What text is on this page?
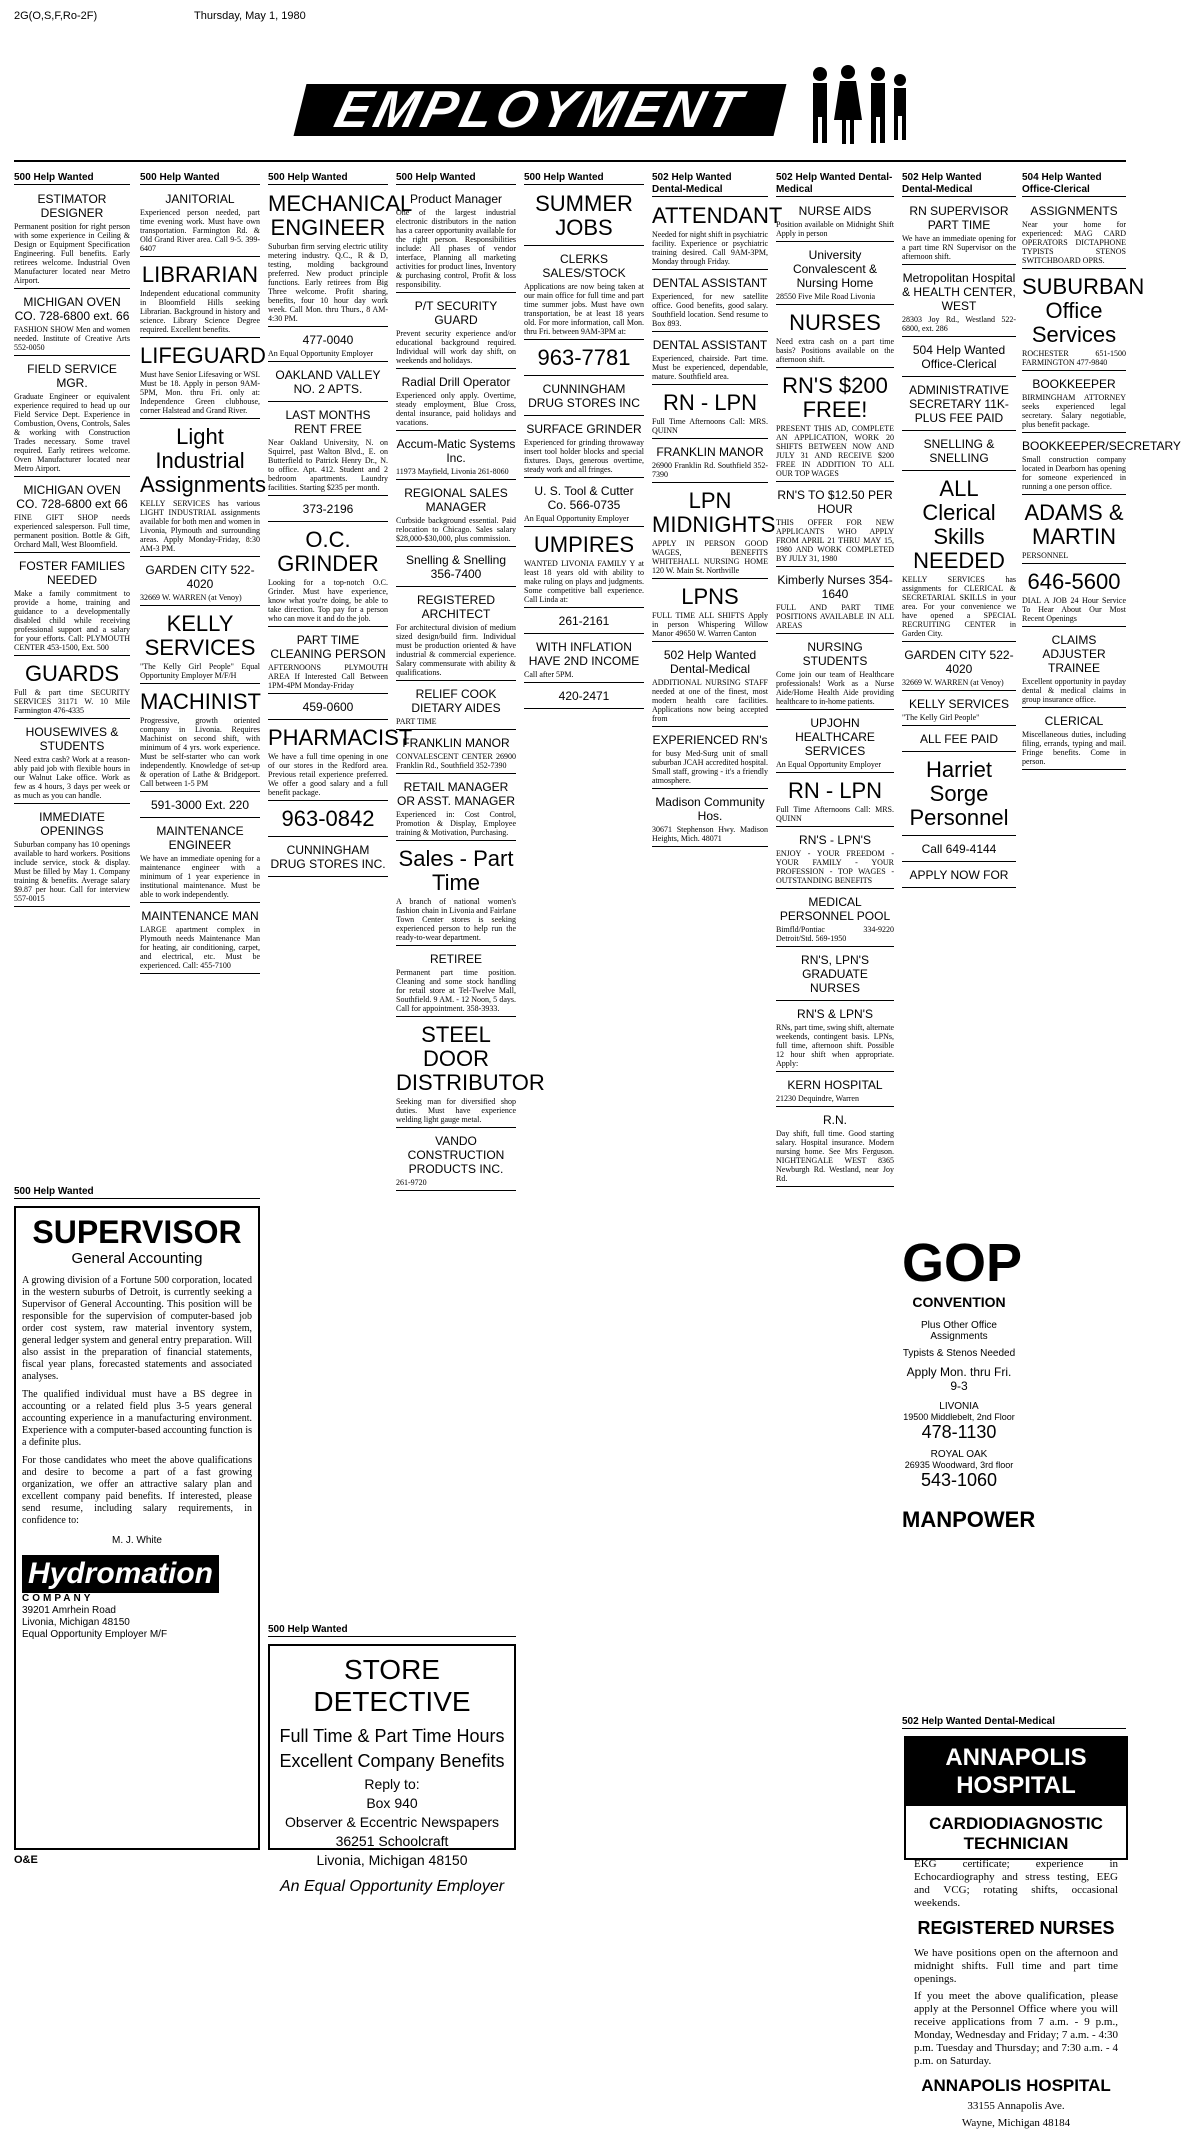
2G(O,S,F,Ro-2F)	Thursday, May 1, 1980
EMPLOYMENT
500 Help Wanted
ESTIMATOR DESIGNER
Permanent position for right person with some experience in Ceiling & Design or Equipment Specification Engineering. Full benefits. Early retirees welcome. Industrial Oven Manufacturer located near Metro Airport.
MICHIGAN OVEN CO. 728-6800 ext. 66
FASHION SHOW Men and women needed. Institute of Creative Arts 552-0050
FIELD SERVICE MGR.
Graduate Engineer or equivalent experience required to head up our Field Service Dept. Experience in Combustion, Ovens, Controls, Sales & working with Construction Trades necessary. Some travel required. Early retirees welcome. Oven Manufacturer located near Metro Airport.
MICHIGAN OVEN CO. 728-6800 ext 66
FINE GIFT SHOP needs experienced salesperson. Full time, permanent position. Bottle & Gift, Orchard Mall, West Bloomfield.
FOSTER FAMILIES NEEDED
Make a family commitment to provide a home, training and guidance to a developmentally disabled child while receiving professional support and a salary for your efforts. Call: PLYMOUTH CENTER 453-1500, Ext. 500
GUARDS
Full & part time SECURITY SERVICES 31171 W. 10 Mile Farmington 476-4335
HOUSEWIVES & STUDENTS
Need extra cash? Work at a reason-ably paid job with flexible hours in our Walnut Lake office. Work as few as 4 hours, 3 days per week or as much as you can handle.
IMMEDIATE OPENINGS
Suburban company has 10 openings available to hard workers. Positions include service, stock & display. Must be filled by May 1. Company training & benefits. Average salary $9.87 per hour. Call for interview 557-0015
500 Help Wanted
JANITORIAL
Experienced person needed, part time evening work. Must have own transportation. Farmington Rd. & Old Grand River area. Call 9-5. 399-6407
LIBRARIAN
Independent educational community in Bloomfield Hills seeking Librarian. Background in history and science. Library Science Degree required. Excellent benefits.
LIFEGUARD
Must have Senior Lifesaving or WSI. Must be 18. Apply in person 9AM-5PM, Mon. thru Fri. only at: Independence Green clubhouse, corner Halstead and Grand River.
Light Industrial Assignments
KELLY SERVICES has various LIGHT INDUSTRIAL assignments available for both men and women in Livonia, Plymouth and surrounding areas. Apply Monday-Friday, 8:30 AM-3 PM.
GARDEN CITY 522-4020
32669 W. WARREN (at Venoy)
KELLY SERVICES
"The Kelly Girl People" Equal Opportunity Employer M/F/H
MACHINIST
Progressive, growth oriented company in Livonia. Requires Machinist on second shift, with minimum of 4 yrs. work experience. Must be self-starter who can work independently. Knowledge of set-up & operation of Lathe & Bridgeport. Call between 1-5 PM
591-3000 Ext. 220
MAINTENANCE ENGINEER
We have an immediate opening for a maintenance engineer with a minimum of 1 year experience in institutional maintenance. Must be able to work independently.
MAINTENANCE MAN
LARGE apartment complex in Plymouth needs Maintenance Man for heating, air conditioning, carpet, and electrical, etc. Must be experienced. Call: 455-7100
500 Help Wanted
MECHANICAL ENGINEER
Suburban firm serving electric utility metering industry. Q.C., R & D, testing, molding background preferred. New product principle functions. Early retirees from Big Three welcome. Profit sharing, benefits, four 10 hour day work week. Call Mon. thru Thurs., 8 AM-4:30 PM.
477-0040
An Equal Opportunity Employer
OAKLAND VALLEY NO. 2 APTS.
LAST MONTHS RENT FREE
Near Oakland University, N. on Squirrel, past Walton Blvd., E. on Butterfield to Patrick Henry Dr., N. to office. Apt. 412. Student and 2 bedroom apartments. Laundry facilities. Starting $235 per month.
373-2196
O.C. GRINDER
Looking for a top-notch O.C. Grinder. Must have experience, know what you're doing, be able to take direction. Top pay for a person who can move it and do the job.
PART TIME CLEANING PERSON
AFTERNOONS PLYMOUTH AREA If Interested Call Between 1PM-4PM Monday-Friday
459-0600
PHARMACIST
We have a full time opening in one of our stores in the Redford area. Previous retail experience preferred. We offer a good salary and a full benefit package.
963-0842
CUNNINGHAM DRUG STORES INC.
500 Help Wanted
Product Manager
One of the largest industrial electronic distributors in the nation has a career opportunity available for the right person. Responsibilities include: All phases of vendor interface, Planning all marketing activities for product lines, Inventory & purchasing control, Profit & loss responsibility.
P/T SECURITY GUARD
Prevent security experience and/or educational background required. Individual will work day shift, on weekends and holidays.
Radial Drill Operator
Experienced only apply. Overtime, steady employment, Blue Cross, dental insurance, paid holidays and vacations.
Accum-Matic Systems Inc.
11973 Mayfield, Livonia 261-8060
REGIONAL SALES MANAGER
Curbside background essential. Paid relocation to Chicago. Sales salary $28,000-$30,000, plus commission.
Snelling & Snelling 356-7400
REGISTERED ARCHITECT
For architectural division of medium sized design/build firm. Individual must be production oriented & have industrial & commercial experience. Salary commensurate with ability & qualifications.
RELIEF COOK DIETARY AIDES
PART TIME
FRANKLIN MANOR
CONVALESCENT CENTER 26900 Franklin Rd., Southfield 352-7390
RETAIL MANAGER OR ASST. MANAGER
Experienced in: Cost Control, Promotion & Display, Employee training & Motivation, Purchasing.
Sales - Part Time
A branch of national women's fashion chain in Livonia and Fairlane Town Center stores is seeking experienced person to help run the ready-to-wear department.
RETIREE
Permanent part time position. Cleaning and some stock handling for retail store at Tel-Twelve Mall, Southfield. 9 AM. - 12 Noon, 5 days. Call for appointment. 358-3933.
STEEL DOOR DISTRIBUTOR
Seeking man for diversified shop duties. Must have experience welding light gauge metal.
VANDO CONSTRUCTION PRODUCTS INC.
261-9720
500 Help Wanted
SUMMER JOBS
CLERKS SALES/STOCK
Applications are now being taken at our main office for full time and part time summer jobs. Must have own transportation, be at least 18 years old. For more information, call Mon. thru Fri. between 9AM-3PM at:
963-7781
CUNNINGHAM DRUG STORES INC
SURFACE GRINDER
Experienced for grinding throwaway insert tool holder blocks and special fixtures. Days, generous overtime, steady work and all fringes.
U. S. Tool & Cutter Co. 566-0735
An Equal Opportunity Employer
UMPIRES
WANTED LIVONIA FAMILY Y at least 18 years old with ability to make ruling on plays and judgments. Some competitive ball experience. Call Linda at:
261-2161
WITH INFLATION HAVE 2ND INCOME
Call after 5PM.
420-2471
502 Help Wanted Dental-Medical
ATTENDANT
Needed for night shift in psychiatric facility. Experience or psychiatric training desired. Call 9AM-3PM, Monday through Friday.
DENTAL ASSISTANT
Experienced, for new satellite office. Good benefits, good salary. Southfield location. Send resume to Box 893.
DENTAL ASSISTANT
Experienced, chairside. Part time. Must be experienced, dependable, mature. Southfield area.
RN - LPN
Full Time Afternoons Call: MRS. QUINN
FRANKLIN MANOR
26900 Franklin Rd. Southfield 352-7390
LPN MIDNIGHTS
APPLY IN PERSON GOOD WAGES, BENEFITS WHITEHALL NURSING HOME 120 W. Main St. Northville
LPNS
FULL TIME ALL SHIFTS Apply in person Whispering Willow Manor 49650 W. Warren Canton
502 Help Wanted Dental-Medical
ADDITIONAL NURSING STAFF needed at one of the finest, most modern health care facilities. Applications now being accepted from
EXPERIENCED RN's
for busy Med-Surg unit of small suburban JCAH accredited hospital. Small staff, growing - it's a friendly atmosphere.
Madison Community Hos.
30671 Stephenson Hwy. Madison Heights, Mich. 48071
502 Help Wanted Dental-Medical
NURSE AIDS
Position available on Midnight Shift Apply in person
University Convalescent & Nursing Home
28550 Five Mile Road Livonia
NURSES
Need extra cash on a part time basis? Positions available on the afternoon shift.
RN'S $200 FREE!
PRESENT THIS AD, COMPLETE AN APPLICATION, WORK 20 SHIFTS BETWEEN NOW AND JULY 31 AND RECEIVE $200 FREE IN ADDITION TO ALL OUR TOP WAGES
RN'S TO $12.50 PER HOUR
THIS OFFER FOR NEW APPLICANTS WHO APPLY FROM APRIL 21 THRU MAY 15, 1980 AND WORK COMPLETED BY JULY 31, 1980
Kimberly Nurses 354-1640
FULL AND PART TIME POSITIONS AVAILABLE IN ALL AREAS
NURSING STUDENTS
Come join our team of Healthcare professionals! Work as a Nurse Aide/Home Health Aide providing healthcare to in-home patients.
UPJOHN HEALTHCARE SERVICES
An Equal Opportunity Employer
RN - LPN
Full Time Afternoons Call: MRS. QUINN
RN'S - LPN'S
ENJOY - YOUR FREEDOM - YOUR FAMILY - YOUR PROFESSION - TOP WAGES - OUTSTANDING BENEFITS
MEDICAL PERSONNEL POOL
Bimfld/Pontiac 334-9220 Detroit/Std. 569-1950
RN'S, LPN'S GRADUATE NURSES
RN'S & LPN'S
RNs, part time, swing shift, alternate weekends, contingent basis. LPNs, full time, afternoon shift. Possible 12 hour shift when appropriate. Apply:
KERN HOSPITAL
21230 Dequindre, Warren
R.N.
Day shift, full time. Good starting salary. Hospital insurance. Modern nursing home. See Mrs Ferguson. NIGHTENGALE WEST 8365 Newburgh Rd. Westland, near Joy Rd.
502 Help Wanted Dental-Medical
RN SUPERVISOR PART TIME
We have an immediate opening for a part time RN Supervisor on the afternoon shift.
Metropolitan Hospital & HEALTH CENTER, WEST
28303 Joy Rd., Westland 522-6800, ext. 286
504 Help Wanted Office-Clerical
ADMINISTRATIVE SECRETARY 11K-PLUS FEE PAID
SNELLING & SNELLING
ALL Clerical Skills NEEDED
KELLY SERVICES has assignments for CLERICAL & SECRETARIAL SKILLS in your area. For your convenience we have opened a SPECIAL RECRUITING CENTER in Garden City.
GARDEN CITY 522-4020
32669 W. WARREN (at Venoy)
KELLY SERVICES
"The Kelly Girl People"
ALL FEE PAID
Harriet Sorge Personnel
Call 649-4144
APPLY NOW FOR
GOP
CONVENTION
Plus Other Office Assignments
Typists & Stenos Needed
Apply Mon. thru Fri. 9-3
LIVONIA
19500 Middlebelt, 2nd Floor
478-1130
ROYAL OAK
26935 Woodward, 3rd floor
543-1060
MANPOWER
504 Help Wanted Office-Clerical
ASSIGNMENTS
Near your home for experienced: MAG CARD OPERATORS DICTAPHONE TYPISTS STENOS SWITCHBOARD OPRS.
SUBURBAN Office Services
ROCHESTER 651-1500 FARMINGTON 477-9840
BOOKKEEPER
BIRMINGHAM ATTORNEY seeks experienced legal secretary. Salary negotiable, plus benefit package.
BOOKKEEPER/SECRETARY
Small construction company located in Dearborn has opening for someone experienced in running a one person office.
ADAMS & MARTIN
PERSONNEL
646-5600
DIAL A JOB 24 Hour Service To Hear About Our Most Recent Openings
CLAIMS ADJUSTER TRAINEE
Excellent opportunity in payday dental & medical claims in group insurance office.
CLERICAL
Miscellaneous duties, including filing, errands, typing and mail. Fringe benefits. Come in person.
500 Help Wanted
SUPERVISOR
General Accounting
A growing division of a Fortune 500 corporation, located in the western suburbs of Detroit, is currently seeking a Supervisor of General Accounting. This position will be responsible for the supervision of computer-based job order cost system, raw material inventory system, general ledger system and general entry preparation. Will also assist in the preparation of financial statements, fiscal year plans, forecasted statements and associated analyses.
The qualified individual must have a BS degree in accounting or a related field plus 3-5 years general accounting experience in a manufacturing environment. Experience with a computer-based accounting function is a definite plus.
For those candidates who meet the above qualifications and desire to become a part of a fast growing organization, we offer an attractive salary plan and excellent company paid benefits. If interested, please send resume, including salary requirements, in confidence to:
M. J. White
Hydromation
COMPANY
39201 Amrhein Road
Livonia, Michigan 48150
Equal Opportunity Employer M/F	500 Help Wanted
STORE DETECTIVE
Full Time & Part Time Hours
Excellent Company Benefits
Reply to:
Box 940
Observer & Eccentric Newspapers
36251 Schoolcraft
Livonia, Michigan 48150
An Equal Opportunity Employer
502 Help Wanted Dental-Medical
ANNAPOLIS HOSPITAL
CARDIODIAGNOSTIC TECHNICIAN
EKG certificate; experience in Echocardiography and stress testing, EEG and VCG; rotating shifts, occasional weekends.
REGISTERED NURSES
We have positions open on the afternoon and midnight shifts. Full time and part time openings.
If you meet the above qualification, please apply at the Personnel Office where you will receive applications from 7 a.m. - 9 p.m., Monday, Wednesday and Friday; 7 a.m. - 4:30 p.m. Tuesday and Thursday; and 7:30 a.m. - 4 p.m. on Saturday.
ANNAPOLIS HOSPITAL
33155 Annapolis Ave.
Wayne, Michigan 48184
O&E
